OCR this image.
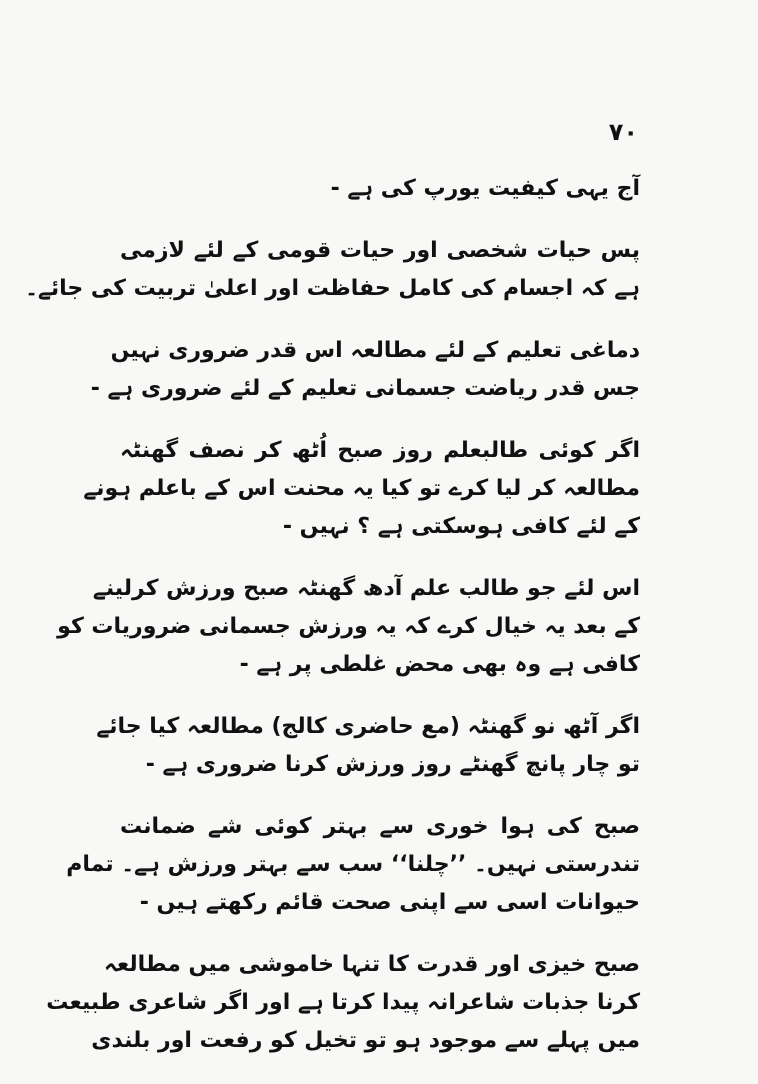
۷۰
آج یہی کیفیت یورپ کی ہے -
پس حیات شخصی اور حیات قومی کے لئے لازمی
ہے کہ اجسام کی کامل حفاظت اور اعلیٰ تربیت کی جائے۔
دماغی تعلیم کے لئے مطالعہ اس قدر ضروری نہیں
جس قدر ریاضت جسمانی تعلیم کے لئے ضروری ہے -
اگر کوئی طالبعلم روز صبح اُٹھ کر نصف گھنٹہ
مطالعہ کر لیا کرے تو کیا یہ محنت اس کے باعلم ہونے
کے لئے کافی ہوسکتی ہے ؟ نہیں -
اس لئے جو طالب علم آدھ گھنٹہ صبح ورزش کرلینے
کے بعد یہ خیال کرے کہ یہ ورزش جسمانی ضروریات کو
کافی ہے وہ بھی محض غلطی پر ہے -
اگر آٹھ نو گھنٹہ (مع حاضری کالج) مطالعہ کیا جائے
تو چار پانچ گھنٹے روز ورزش کرنا ضروری ہے -
صبح کی ہوا خوری سے بہتر کوئی شے ضمانت
تندرستی نہیں۔ ’’چلنا‘‘ سب سے بہتر ورزش ہے۔ تمام
حیوانات اسی سے اپنی صحت قائم رکھتے ہیں -
صبح خیزی اور قدرت کا تنہا خاموشی میں مطالعہ
کرنا جذبات شاعرانہ پیدا کرتا ہے اور اگر شاعری طبیعت
میں پہلے سے موجود ہو تو تخیل کو رفعت اور بلندی
